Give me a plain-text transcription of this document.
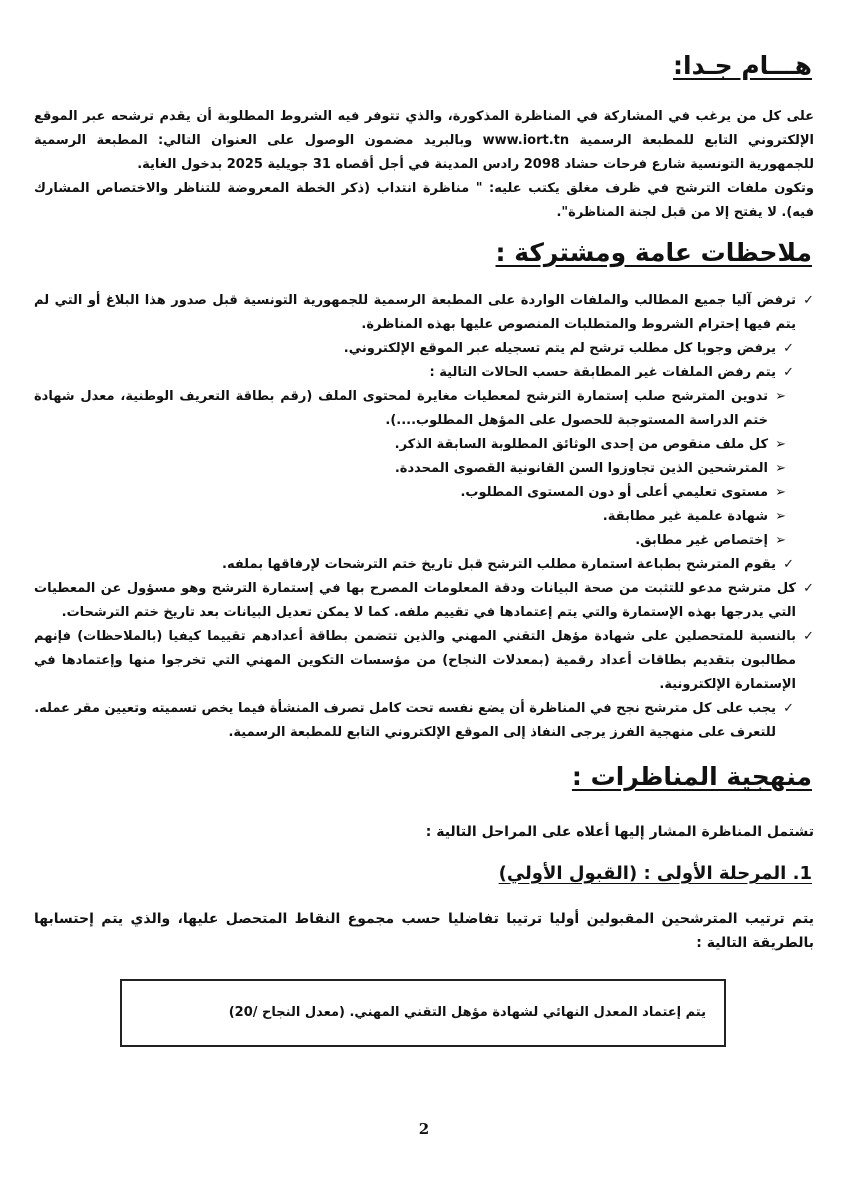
هـــام جـدا:

على كل من يرغب في المشاركة في المناظرة المذكورة، والذي تتوفر فيه الشروط المطلوبة أن يقدم ترشحه عبر الموقع الإلكتروني التابع للمطبعة الرسمية www.iort.tn وبالبريد مضمون الوصول على العنوان التالي: المطبعة الرسمية للجمهورية التونسية شارع فرحات حشاد 2098 رادس المدينة في أجل أقصاه 31 جويلية 2025 بدخول الغاية.

وتكون ملفات الترشح في ظرف مغلق يكتب عليه: " مناظرة انتداب (ذكر الخطة المعروضة للتناظر والاختصاص المشارك فيه). لا يفتح إلا من قبل لجنة المناظرة".

ملاحظات عامة ومشتركة :
✓

ترفض آليا جميع المطالب والملفات الواردة على المطبعة الرسمية للجمهورية التونسية قبل صدور هذا البلاغ أو التي لم يتم فيها إحترام الشروط والمتطلبات المنصوص عليها بهذه المناظرة.

✓

يرفض وجوبا كل مطلب ترشح لم يتم تسجيله عبر الموقع الإلكتروني.

✓

يتم رفض الملفات غير المطابقة حسب الحالات التالية :

➢

تدوين المترشح صلب إستمارة الترشح لمعطيات مغايرة لمحتوى الملف (رقم بطاقة التعريف الوطنية، معدل شهادة ختم الدراسة المستوجبة للحصول على المؤهل المطلوب....).

➢

كل ملف منقوص من إحدى الوثائق المطلوبة السابقة الذكر.

➢

المترشحين الذين تجاوزوا السن القانونية القصوى المحددة.

➢

مستوى تعليمي أعلى أو دون المستوى المطلوب.

➢

شهادة علمية غير مطابقة.

➢

إختصاص غير مطابق.

✓

يقوم المترشح بطباعة استمارة مطلب الترشح قبل تاريخ ختم الترشحات لإرفاقها بملفه.

✓

كل مترشح مدعو للتثبت من صحة البيانات ودقة المعلومات المصرح بها في إستمارة الترشح وهو مسؤول عن المعطيات التي يدرجها بهذه الإستمارة والتي يتم إعتمادها في تقييم ملفه. كما لا يمكن تعديل البيانات بعد تاريخ ختم الترشحات.

✓

بالنسبة للمتحصلين على شهادة مؤهل التقني المهني والذين تتضمن بطاقة أعدادهم تقييما كيفيا (بالملاحظات) فإنهم مطالبون بتقديم بطاقات أعداد رقمية (بمعدلات النجاح) من مؤسسات التكوين المهني التي تخرجوا منها وإعتمادها في الإستمارة الإلكترونية.

✓

يجب على كل مترشح نجح في المناظرة أن يضع نفسه تحت كامل تصرف المنشأة فيما يخص تسميته وتعيين مقر عمله.

للتعرف على منهجية الفرز يرجى النفاذ إلى الموقع الإلكتروني التابع للمطبعة الرسمية.

منهجية المناظرات :

تشتمل المناظرة المشار إليها أعلاه على المراحل التالية :

1. المرحلة الأولى : (القبول الأولي)

يتم ترتيب المترشحين المقبولين أوليا ترتيبا تفاضليا حسب مجموع النقاط المتحصل عليها، والذي يتم إحتسابها بالطريقة التالية :

يتم إعتماد المعدل النهائي لشهادة مؤهل التقني المهني. (معدل النجاح /20)
2
